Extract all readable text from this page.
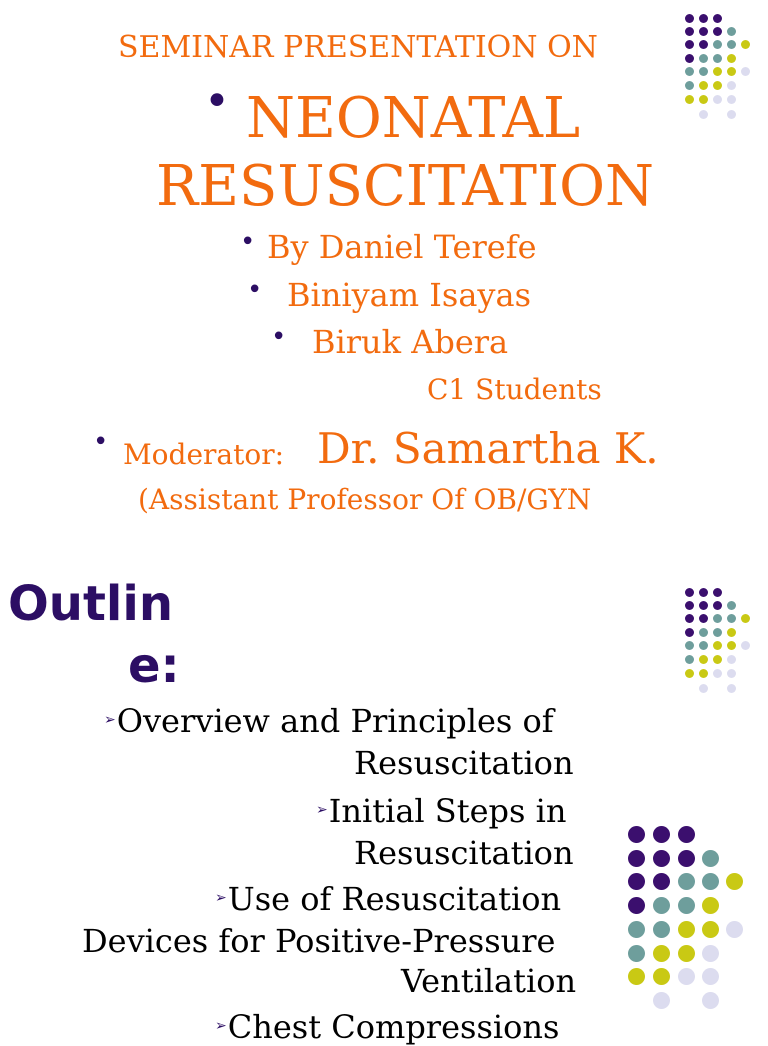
SEMINAR PRESENTATION ON
• NEONATAL
RESUSCITATION
• By Daniel Terefe
• Biniyam Isayas
• Biruk Abera
C1 Students
• Moderator: Dr. Samartha K.
(Assistant Professor Of OB/GYN
Outlin
e:
➢Overview and Principles of
Resuscitation
➢Initial Steps in
Resuscitation
➢Use of Resuscitation
Devices for Positive-Pressure
Ventilation
➢Chest Compressions
